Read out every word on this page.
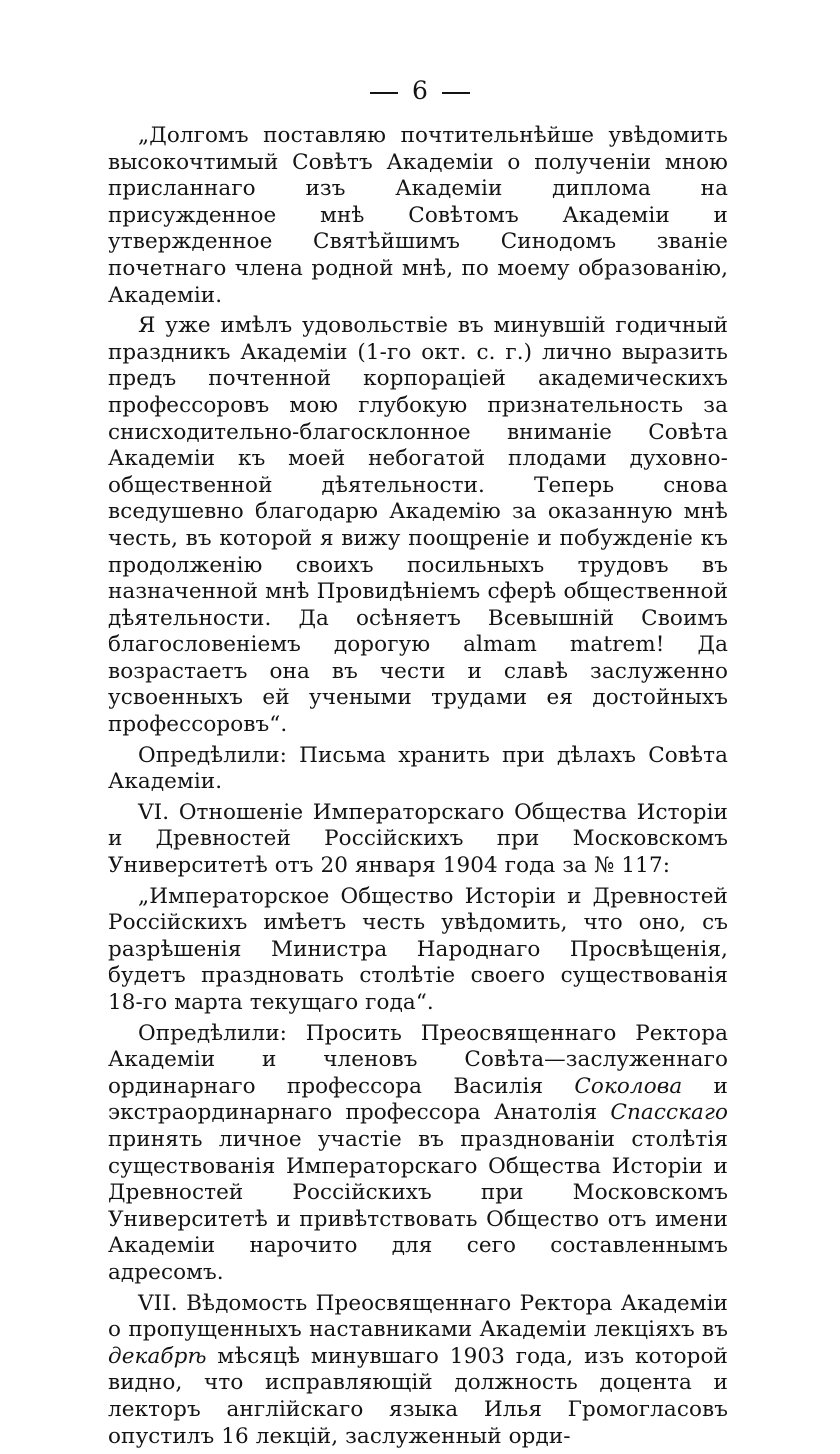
6

„Долгомъ поставляю почтительнѣйше увѣдомить высокочтимый Совѣтъ Академіи о полученіи мною присланнаго изъ Академіи диплома на присужденное мнѣ Совѣтомъ Академіи и утвержденное Святѣйшимъ Синодомъ званіе почетнаго члена родной мнѣ, по моему образованію, Академіи.

Я уже имѣлъ удовольствіе въ минувшій годичный праздникъ Академіи (1-го окт. с. г.) лично выразить предъ почтенной корпораціей академическихъ профессоровъ мою глубокую признательность за снисходительно-благосклонное вниманіе Совѣта Академіи къ моей небогатой плодами духовно-общественной дѣятельности. Теперь снова вседушевно благодарю Академію за оказанную мнѣ честь, въ которой я вижу поощреніе и побужденіе къ продолженію своихъ посильныхъ трудовъ въ назначенной мнѣ Провидѣніемъ сферѣ общественной дѣятельности. Да осѣняетъ Всевышній Своимъ благословеніемъ дорогую almam matrem! Да возрастаетъ она въ чести и славѣ заслуженно усвоенныхъ ей учеными трудами ея достойныхъ профессоровъ“.

Опредѣлили: Письма хранить при дѣлахъ Совѣта Академіи.

VI. Отношеніе Императорскаго Общества Исторіи и Древностей Россійскихъ при Московскомъ Университетѣ отъ 20 января 1904 года за № 117:

„Императорское Общество Исторіи и Древностей Россійскихъ имѣетъ честь увѣдомить, что оно, съ разрѣшенія Министра Народнаго Просвѣщенія, будетъ праздновать столѣтіе своего существованія 18-го марта текущаго года“.

Опредѣлили: Просить Преосвященнаго Ректора Академіи и членовъ Совѣта—заслуженнаго ординарнаго профессора Василія Соколова и экстраординарнаго профессора Анатолія Спасскаго принять личное участіе въ празднованіи столѣтія существованія Императорскаго Общества Исторіи и Древностей Россійскихъ при Московскомъ Университетѣ и привѣтствовать Общество отъ имени Академіи нарочито для сего составленнымъ адресомъ.

VII. Вѣдомость Преосвященнаго Ректора Академіи о пропущенныхъ наставниками Академіи лекціяхъ въ декабрѣ мѣсяцѣ минувшаго 1903 года, изъ которой видно, что исправляющій должность доцента и лекторъ англійскаго языка Илья Громогласовъ опустилъ 16 лекцій, заслуженный орди-
